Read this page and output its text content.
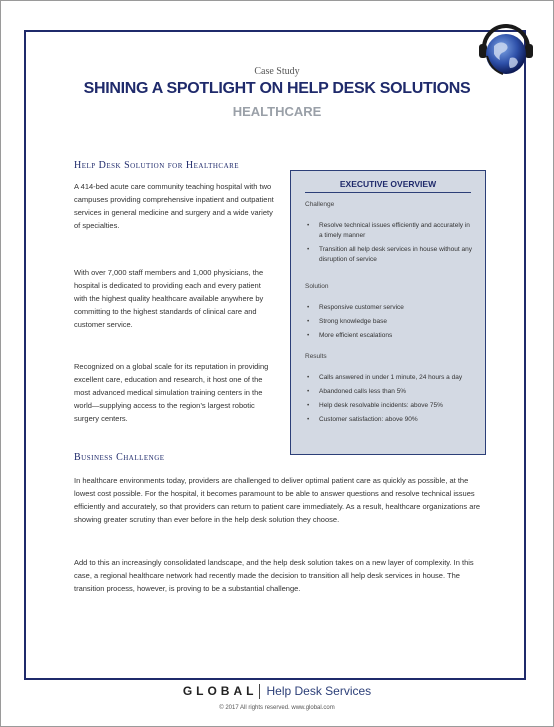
Case Study
SHINING A SPOTLIGHT ON HELP DESK SOLUTIONS
HEALTHCARE
Help Desk Solution for Healthcare

A 414-bed acute care community teaching hospital with two campuses providing comprehensive inpatient and outpatient services in general medicine and surgery and a wide variety of specialties.

With over 7,000 staff members and 1,000 physicians, the hospital is dedicated to providing each and every patient with the highest quality healthcare available anywhere by committing to the highest standards of clinical care and customer service.

Recognized on a global scale for its reputation in providing excellent care, education and research, it host one of the most advanced medical simulation training centers in the world—supplying access to the region’s largest robotic surgery centers.

EXECUTIVE OVERVIEW
Challenge
• Resolve technical issues efficiently and accurately in a timely manner
• Transition all help desk services in house without any disruption of service
Solution
• Responsive customer service
• Strong knowledge base
• More efficient escalations
Results
• Calls answered in under 1 minute, 24 hours a day
• Abandoned calls less than 5%
• Help desk resolvable incidents: above 75%
• Customer satisfaction: above 90%
Business Challenge

In healthcare environments today, providers are challenged to deliver optimal patient care as quickly as possible, at the lowest cost possible. For the hospital, it becomes paramount to be able to answer questions and resolve technical issues efficiently and accurately, so that providers can return to patient care immediately. As a result, healthcare organizations are showing greater scrutiny than ever before in the help desk solution they choose.

Add to this an increasingly consolidated landscape, and the help desk solution takes on a new layer of complexity. In this case, a regional healthcare network had recently made the decision to transition all help desk services in house. The transition process, however, is proving to be a substantial challenge.

GLOBAL Help Desk Services
© 2017 All rights reserved. www.global.com
